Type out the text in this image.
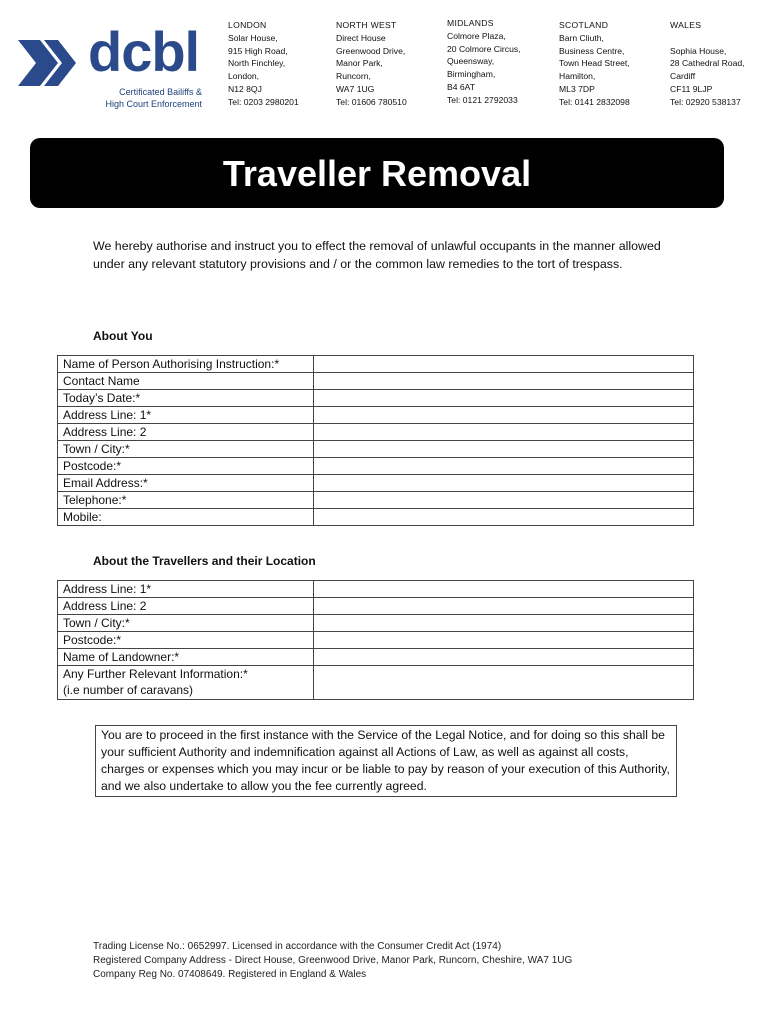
dcbl
Certificated Bailiffs &
High Court Enforcement
LONDON
Solar House,
915 High Road,
North Finchley,
London,
N12 8QJ
Tel: 0203 2980201
NORTH WEST
Direct House
Greenwood Drive,
Manor Park,
Runcorn,
WA7 1UG
Tel: 01606 780510
MIDLANDS
Colmore Plaza,
20 Colmore Circus,
Queensway,
Birmingham,
B4 6AT
Tel: 0121 2792033
SCOTLAND
Barn Cliuth,
Business Centre,
Town Head Street,
Hamilton,
ML3 7DP
Tel: 0141 2832098
WALES
Sophia House,
28 Cathedral Road,
Cardiff
CF11 9LJP
Tel: 02920 538137
Traveller Removal
We hereby authorise and instruct you to effect the removal of unlawful occupants in the manner allowed under any relevant statutory provisions and / or the common law remedies to the tort of trespass.
About You
Name of Person Authorising Instruction:*	
Contact Name	
Today’s Date:*	
Address Line: 1*	
Address Line: 2	
Town / City:*	
Postcode:*	
Email Address:*	
Telephone:*	
Mobile:	
About the Travellers and their Location
Address Line: 1*	
Address Line: 2	
Town / City:*	
Postcode:*	
Name of Landowner:*	

Any Further Relevant Information:*
(i.e number of caravans)	

You are to proceed in the first instance with the Service of the Legal Notice, and for doing so this shall be your sufficient Authority and indemnification against all Actions of Law, as well as against all costs, charges or expenses which you may incur or be liable to pay by reason of your execution of this Authority, and we also undertake to allow you the fee currently agreed.
Trading License No.: 0652997. Licensed in accordance with the Consumer Credit Act (1974)
Registered Company Address - Direct House, Greenwood Drive, Manor Park, Runcorn, Cheshire, WA7 1UG
Company Reg No. 07408649. Registered in England & Wales
